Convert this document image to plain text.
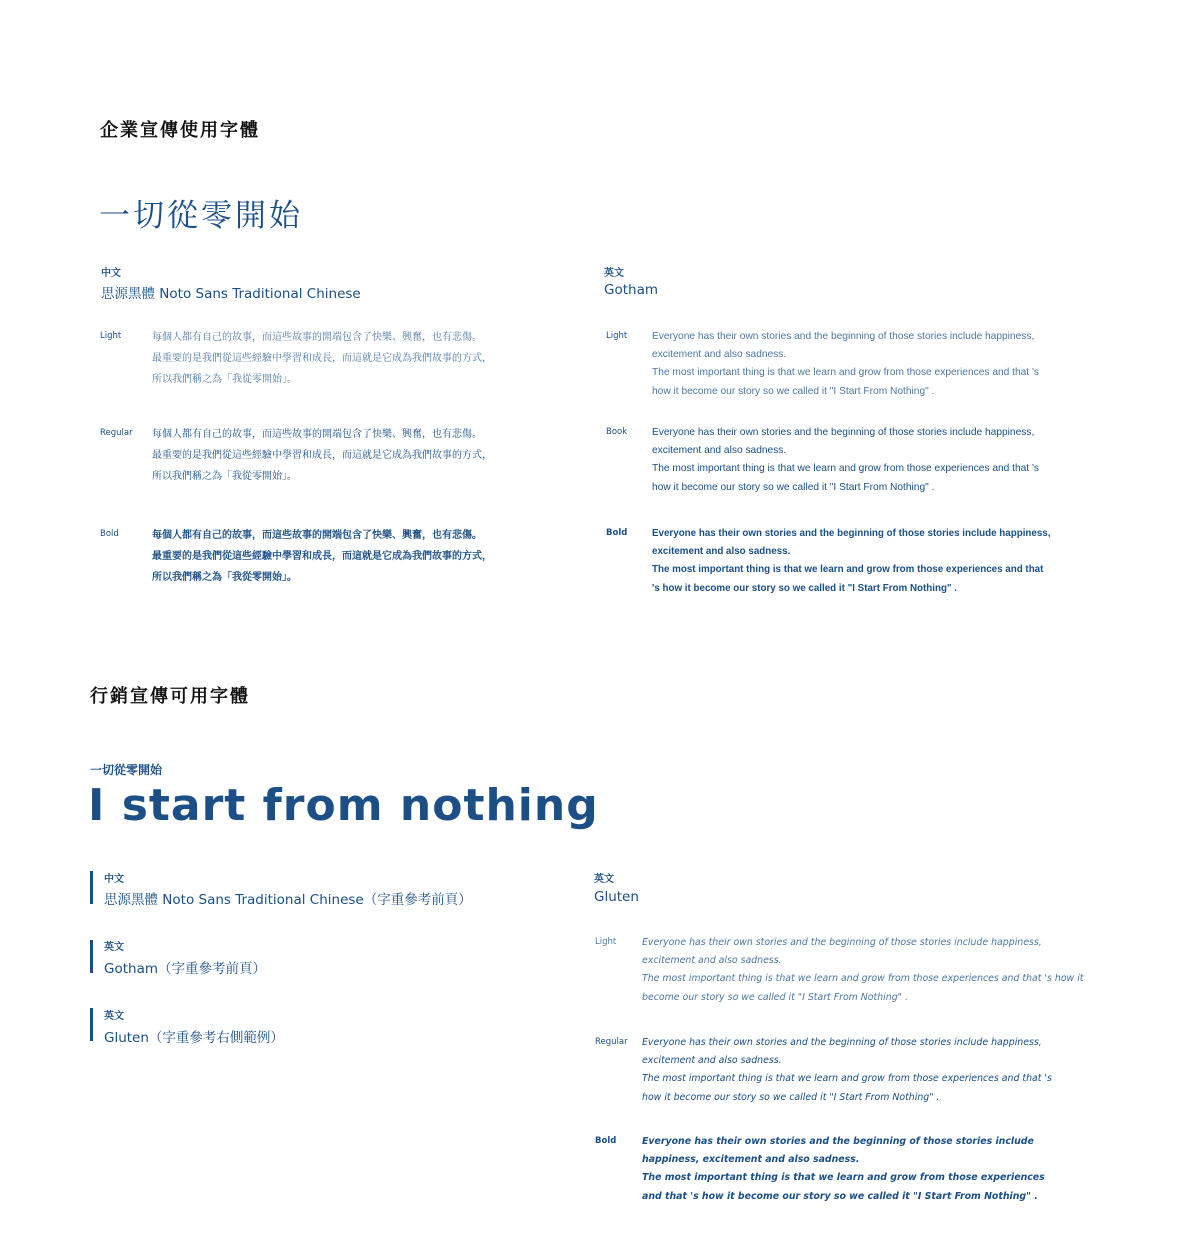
企業宣傳使用字體
一切從零開始
中文
思源黑體 Noto Sans Traditional Chinese
Light	每個人都有自己的故事，而這些故事的開端包含了快樂、興奮，也有悲傷。
最重要的是我們從這些經驗中學習和成長，而這就是它成為我們故事的方式，
所以我們稱之為「我從零開始」。
Regular 每個人都有自己的故事，而這些故事的開端包含了快樂、興奮，也有悲傷。
最重要的是我們從這些經驗中學習和成長，而這就是它成為我們故事的方式，
所以我們稱之為「我從零開始」。
Bold	每個人都有自己的故事，而這些故事的開端包含了快樂、興奮，也有悲傷。
最重要的是我們從這些經驗中學習和成長，而這就是它成為我們故事的方式，
所以我們稱之為「我從零開始」。
英文
Gotham
Light Everyone has their own stories and the beginning of those stories include happiness,
excitement and also sadness.
The most important thing is that we learn and grow from those experiences and that 's
how it become our story so we called it "I Start From Nothing" .
Book Everyone has their own stories and the beginning of those stories include happiness,
excitement and also sadness.
The most important thing is that we learn and grow from those experiences and that 's
how it become our story so we called it "I Start From Nothing" .
Bold	Everyone has their own stories and the beginning of those stories include happiness,
excitement and also sadness.
The most important thing is that we learn and grow from those experiences and that
's how it become our story so we called it "I Start From Nothing" .
行銷宣傳可用字體
一切從零開始
I start from nothing
中文
思源黑體 Noto Sans Traditional Chinese（字重參考前頁）
英文
Gotham（字重參考前頁）
英文
Gluten（字重參考右側範例）
英文
Gluten
Light	Everyone has their own stories and the beginning of those stories include happiness,
excitement and also sadness.
The most important thing is that we learn and grow from those experiences and that 's how it
become our story so we called it "I Start From Nothing" .
Regular Everyone has their own stories and the beginning of those stories include happiness,
excitement and also sadness.
The most important thing is that we learn and grow from those experiences and that 's
how it become our story so we called it "I Start From Nothing" .
Bold	Everyone has their own stories and the beginning of those stories include
happiness, excitement and also sadness.
The most important thing is that we learn and grow from those experiences
and that 's how it become our story so we called it "I Start From Nothing" .
